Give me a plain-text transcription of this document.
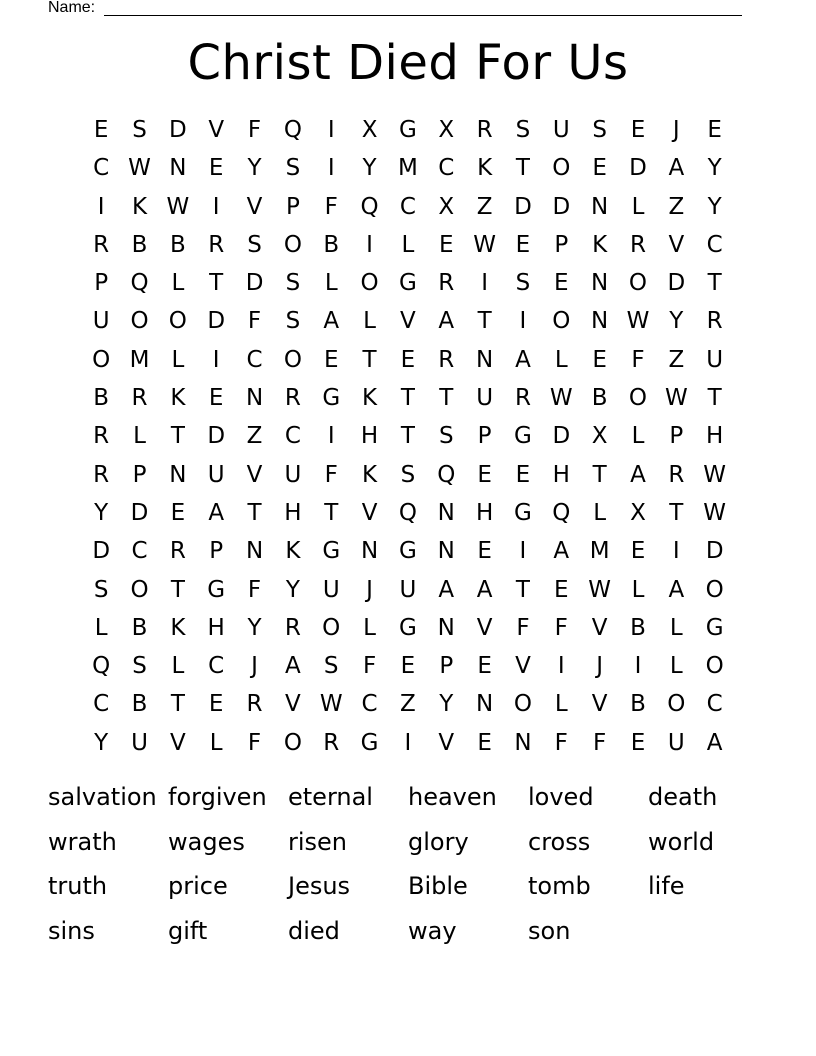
Name:
Christ Died For Us
E	S D V	F Q	I	X G X R	S U S	E	J	E
C W N E	Y	S	I	Y M C K	T O E D A	Y
I	K W	I	V	P	F Q C X Z D D N	L	Z	Y
R B B R	S O B	I	L	E W E	P	K R V C
P Q L	T D S	L O G R	I	S	E N O D T
U O O D F	S	A	L	V A	T	I	O N W Y	R
O M L	I	C O E	T	E	R N A	L	E	F	Z U
B R K	E N R G K	T	T U R W B O W T
R	L	T D Z C	I	H T	S	P G D X	L	P H
R	P N U V U	F	K	S Q E	E H T	A R W
Y D E	A	T H T	V Q N H G Q L	X	T W
D C R	P N K G N G N E	I	A M E	I	D
S O T G F	Y U	J	U A A	T	E W L	A O
L	B K H Y	R O L	G N V	F	F	V B	L	G
Q S	L	C	J	A	S	F	E	P	E	V	I	J	I	L O
C B	T	E	R V W C Z	Y N O L	V B O C
Y U V	L	F O R G	I	V	E N	F	F	E U A
salvation forgiven eternal	heaven	loved	death
wrath	wages	risen	glory	cross	world
truth	price	Jesus	Bible	tomb	life
sins	gift	died	way	son
